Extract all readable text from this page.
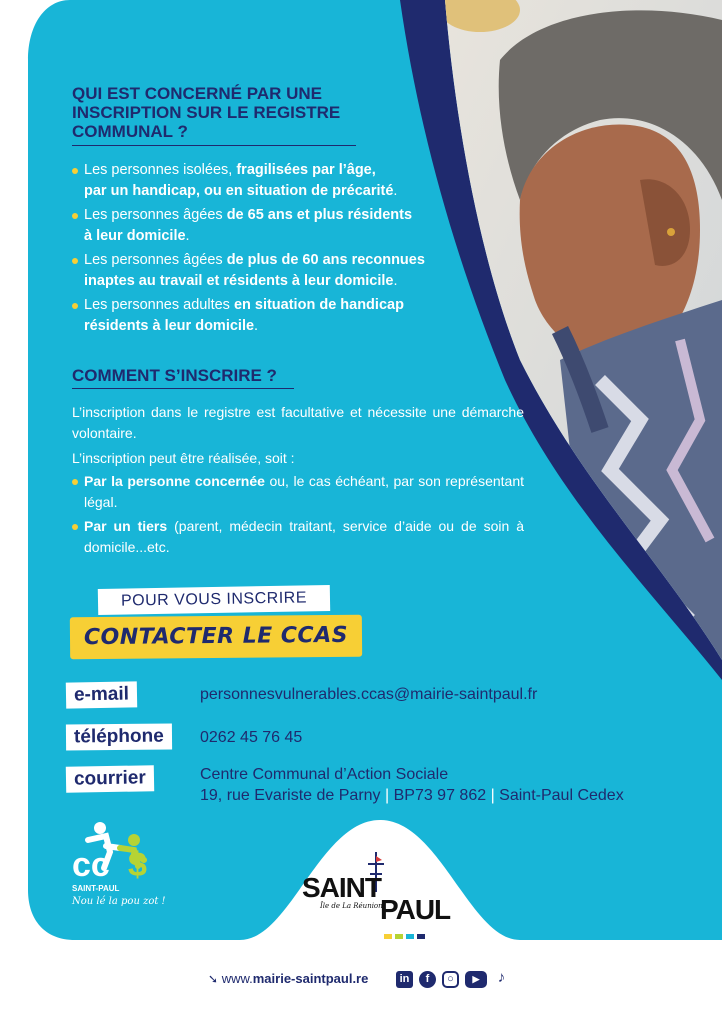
QUI EST CONCERNÉ PAR UNE

INSCRIPTION SUR LE REGISTRE

COMMUNAL ?

Les personnes isolées, fragilisées par l’âge,
par un handicap, ou en situation de précarité.
Les personnes âgées de 65 ans et plus résidents
à leur domicile.
Les personnes âgées de plus de 60 ans reconnues
inaptes au travail et résidents à leur domicile.
Les personnes adultes en situation de handicap
résidents à leur domicile.

COMMENT S’INSCRIRE ?

L’inscription dans le registre est facultative et nécessite une démarche volontaire.

L’inscription peut être réalisée, soit :

Par la personne concernée ou, le cas échéant, par son représentant légal.
Par un tiers (parent, médecin traitant, service d’aide ou de soin à domicile...etc.
POUR VOUS INSCRIRE
CONTACTER LE CCAS
e-mail	personnesvulnerables.ccas@mairie-saintpaul.fr
téléphone	0262 45 76 45
courrier	Centre Communal d’Action Sociale
19, rue Evariste de Parny | BP73 97 862 | Saint-Paul Cedex
cc $
SAINT-PAUL
Nou lé la pou zot !	SAINT
Île de La Réunion
PAUL
➘ www.mairie-saintpaul.re	in f ○ ▶ ♪
